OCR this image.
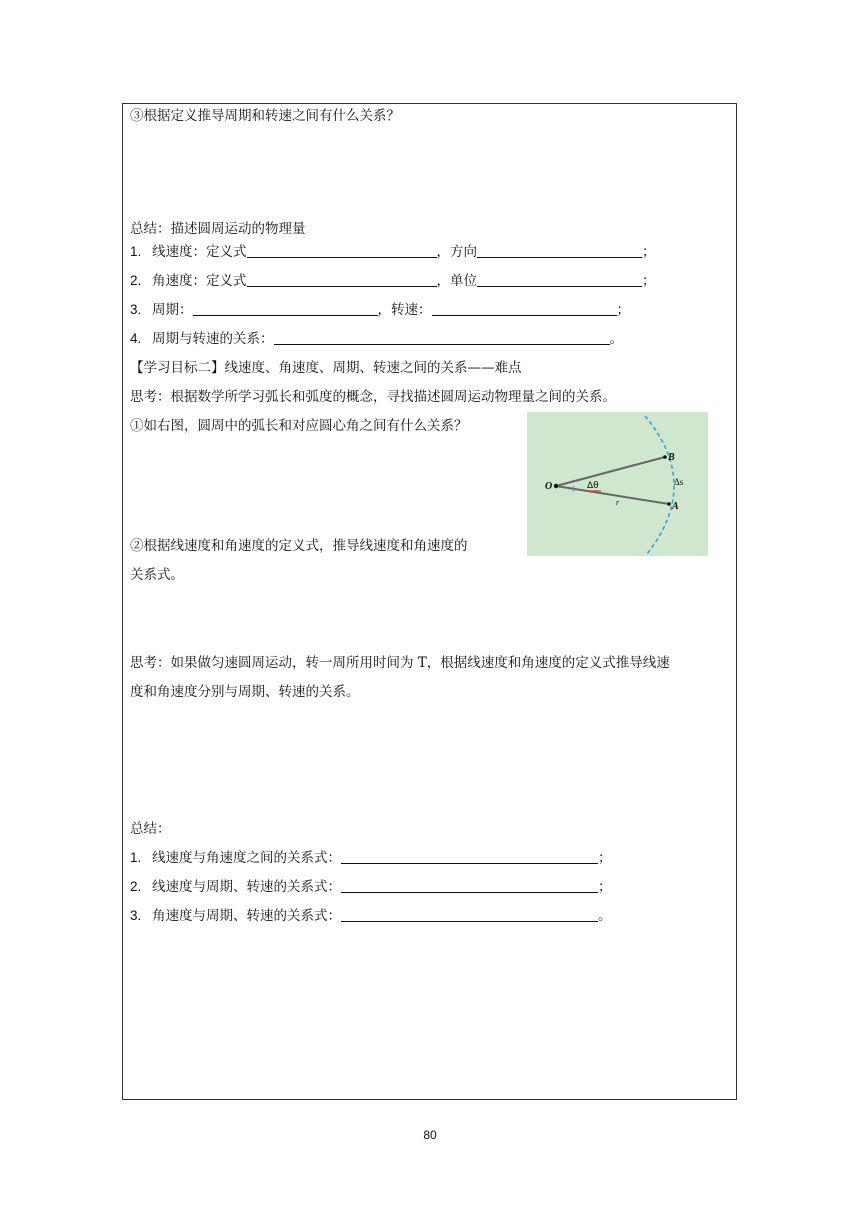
③根据定义推导周期和转速之间有什么关系？
总结：描述圆周运动的物理量
1. 线速度：定义式	，方向	；
2. 角速度：定义式	，单位	；
3. 周期：	，转速：	；
4. 周期与转速的关系：	。
【学习目标二】线速度、角速度、周期、转速之间的关系——难点
思考：根据数学所学习弧长和弧度的概念，寻找描述圆周运动物理量之间的关系。
①如右图，圆周中的弧长和对应圆心角之间有什么关系？
O
B
A
Δθ	Δs
r
②根据线速度和角速度的定义式，推导线速度和角速度的
关系式。
思考：如果做匀速圆周运动，转一周所用时间为 T，根据线速度和角速度的定义式推导线速
度和角速度分别与周期、转速的关系。
总结：
1. 线速度与角速度之间的关系式：	；
2. 线速度与周期、转速的关系式：	；
3. 角速度与周期、转速的关系式：	。
80
